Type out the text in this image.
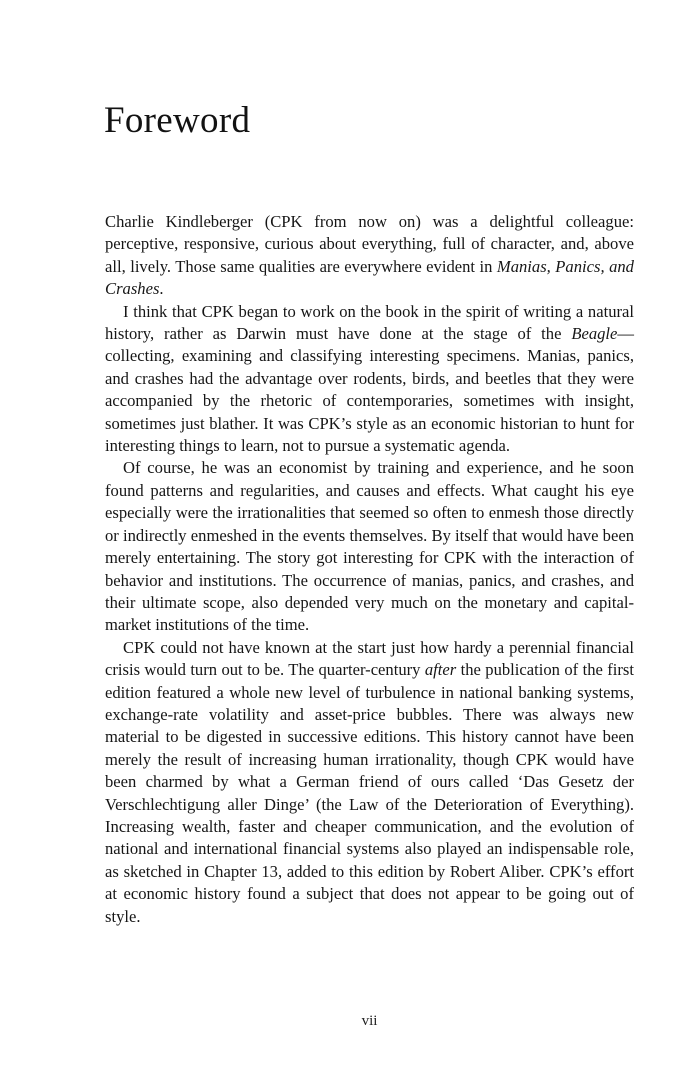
Foreword

Charlie Kindleberger (CPK from now on) was a delightful colleague: perceptive, responsive, curious about everything, full of character, and, above all, lively. Those same qualities are everywhere evident in Manias, Panics, and Crashes.

I think that CPK began to work on the book in the spirit of writing a natural history, rather as Darwin must have done at the stage of the Beagle—collecting, examining and classifying interesting specimens. Manias, panics, and crashes had the advantage over rodents, birds, and beetles that they were accompanied by the rhetoric of contemporaries, sometimes with insight, sometimes just blather. It was CPK’s style as an economic historian to hunt for interesting things to learn, not to pursue a systematic agenda.

Of course, he was an economist by training and experience, and he soon found patterns and regularities, and causes and effects. What caught his eye especially were the irrationalities that seemed so often to enmesh those directly or indirectly enmeshed in the events themselves. By itself that would have been merely entertaining. The story got interesting for CPK with the interaction of behavior and institutions. The occurrence of manias, panics, and crashes, and their ultimate scope, also depended very much on the monetary and capital-market institutions of the time.

CPK could not have known at the start just how hardy a perennial financial crisis would turn out to be. The quarter-century after the publication of the first edition featured a whole new level of turbulence in national banking systems, exchange-rate volatility and asset-price bubbles. There was always new material to be digested in successive editions. This history cannot have been merely the result of increasing human irrationality, though CPK would have been charmed by what a German friend of ours called ‘Das Gesetz der Verschlechtigung aller Dinge’ (the Law of the Deterioration of Everything). Increasing wealth, faster and cheaper communication, and the evolution of national and international financial systems also played an indispensable role, as sketched in Chapter 13, added to this edition by Robert Aliber. CPK’s effort at economic history found a subject that does not appear to be going out of style.

vii
